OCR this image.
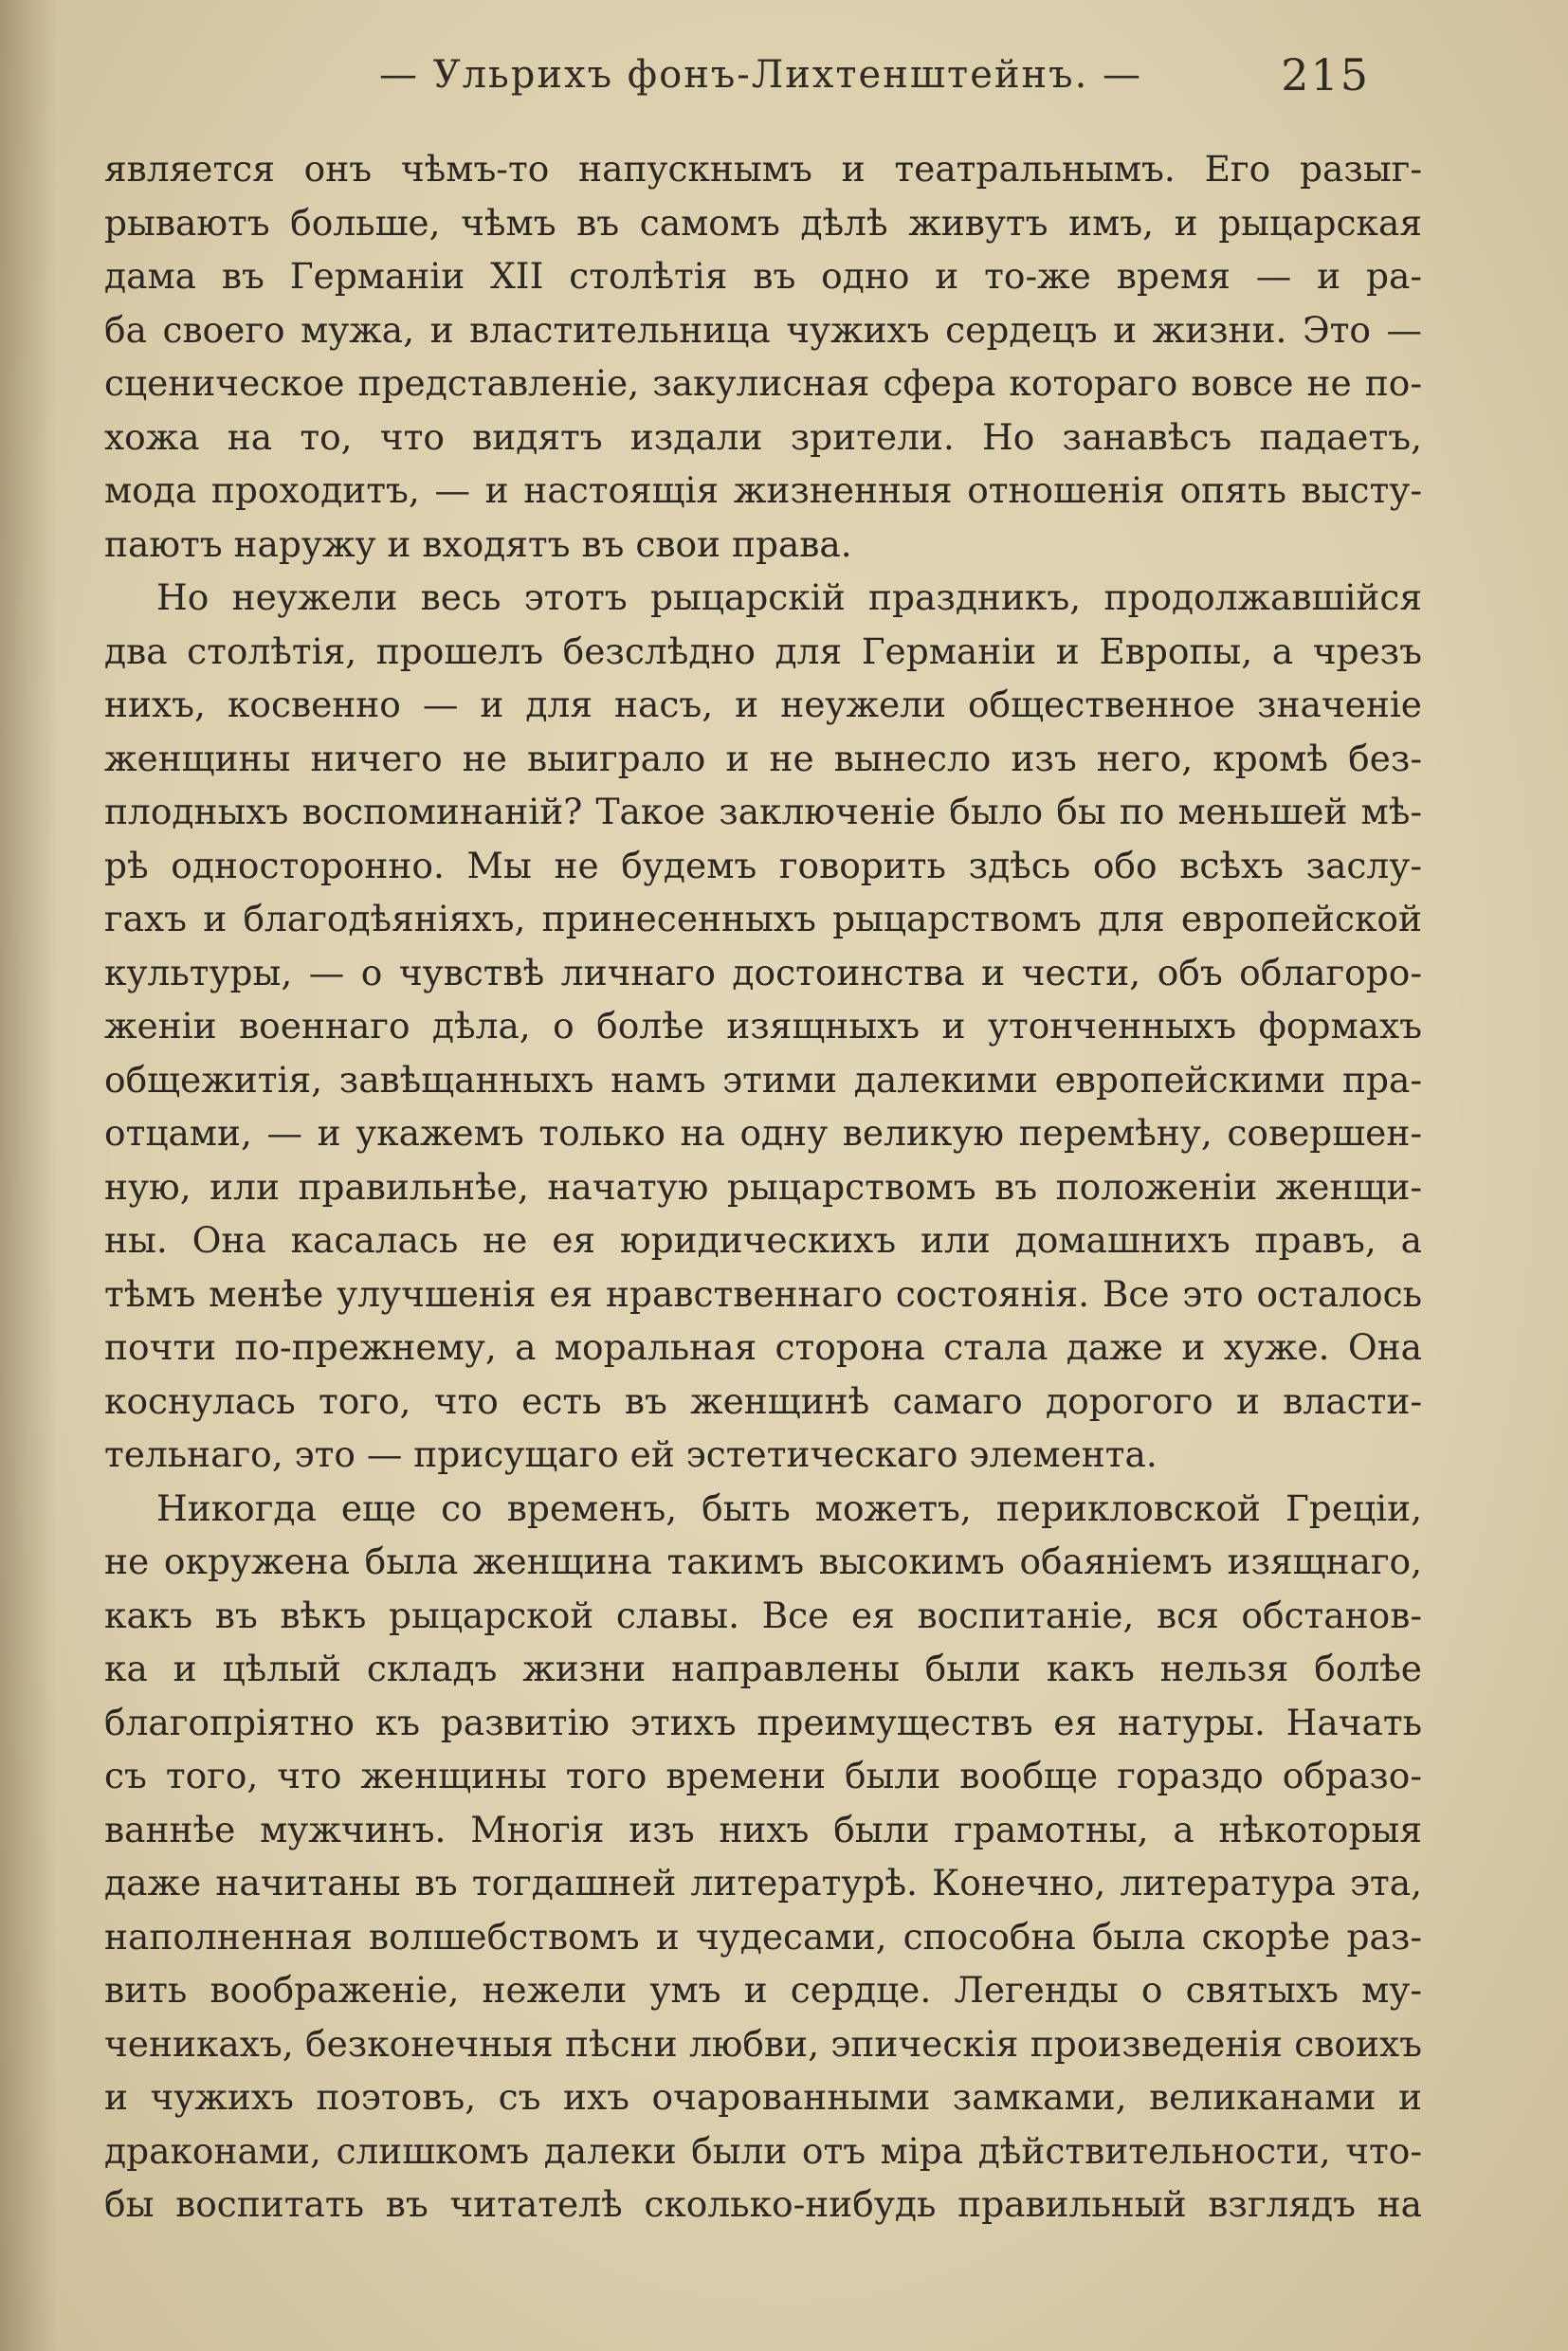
— Ульрихъ фонъ-Лихтенштейнъ. —	215

является онъ чѣмъ-то напускнымъ и театральнымъ. Его разыг-
рываютъ больше, чѣмъ въ самомъ дѣлѣ живутъ имъ, и рыцарская
дама въ Германіи XII столѣтія въ одно и то-же время — и ра-
ба своего мужа, и властительница чужихъ сердецъ и жизни. Это —
сценическое представленіе, закулисная сфера котораго вовсе не по-
хожа на то, что видятъ издали зрители. Но занавѣсъ падаетъ,
мода проходитъ, — и настоящія жизненныя отношенія опять высту-
паютъ наружу и входятъ въ свои права.

Но неужели весь этотъ рыцарскій праздникъ, продолжавшійся
два столѣтія, прошелъ безслѣдно для Германіи и Европы, а чрезъ
нихъ, косвенно — и для насъ, и неужели общественное значеніе
женщины ничего не выиграло и не вынесло изъ него, кромѣ без-
плодныхъ воспоминаній? Такое заключеніе было бы по меньшей мѣ-
рѣ односторонно. Мы не будемъ говорить здѣсь обо всѣхъ заслу-
гахъ и благодѣяніяхъ, принесенныхъ рыцарствомъ для европейской
культуры, — о чувствѣ личнаго достоинства и чести, объ облагоро-
женіи военнаго дѣла, о болѣе изящныхъ и утонченныхъ формахъ
общежитія, завѣщанныхъ намъ этими далекими европейскими пра-
отцами, — и укажемъ только на одну великую перемѣну, совершен-
ную, или правильнѣе, начатую рыцарствомъ въ положеніи женщи-
ны. Она касалась не ея юридическихъ или домашнихъ правъ, а
тѣмъ менѣе улучшенія ея нравственнаго состоянія. Все это осталось
почти по-прежнему, а моральная сторона стала даже и хуже. Она
коснулась того, что есть въ женщинѣ самаго дорогого и власти-
тельнаго, это — присущаго ей эстетическаго элемента.

Никогда еще со временъ, быть можетъ, перикловской Греціи,
не окружена была женщина такимъ высокимъ обаяніемъ изящнаго,
какъ въ вѣкъ рыцарской славы. Все ея воспитаніе, вся обстанов-
ка и цѣлый складъ жизни направлены были какъ нельзя болѣе
благопріятно къ развитію этихъ преимуществъ ея натуры. Начать
съ того, что женщины того времени были вообще гораздо образо-
ваннѣе мужчинъ. Многія изъ нихъ были грамотны, а нѣкоторыя
даже начитаны въ тогдашней литературѣ. Конечно, литература эта,
наполненная волшебствомъ и чудесами, способна была скорѣе раз-
вить воображеніе, нежели умъ и сердце. Легенды о святыхъ му-
ченикахъ, безконечныя пѣсни любви, эпическія произведенія своихъ
и чужихъ поэтовъ, съ ихъ очарованными замками, великанами и
драконами, слишкомъ далеки были отъ міра дѣйствительности, что-
бы воспитать въ читателѣ сколько-нибудь правильный взглядъ на
